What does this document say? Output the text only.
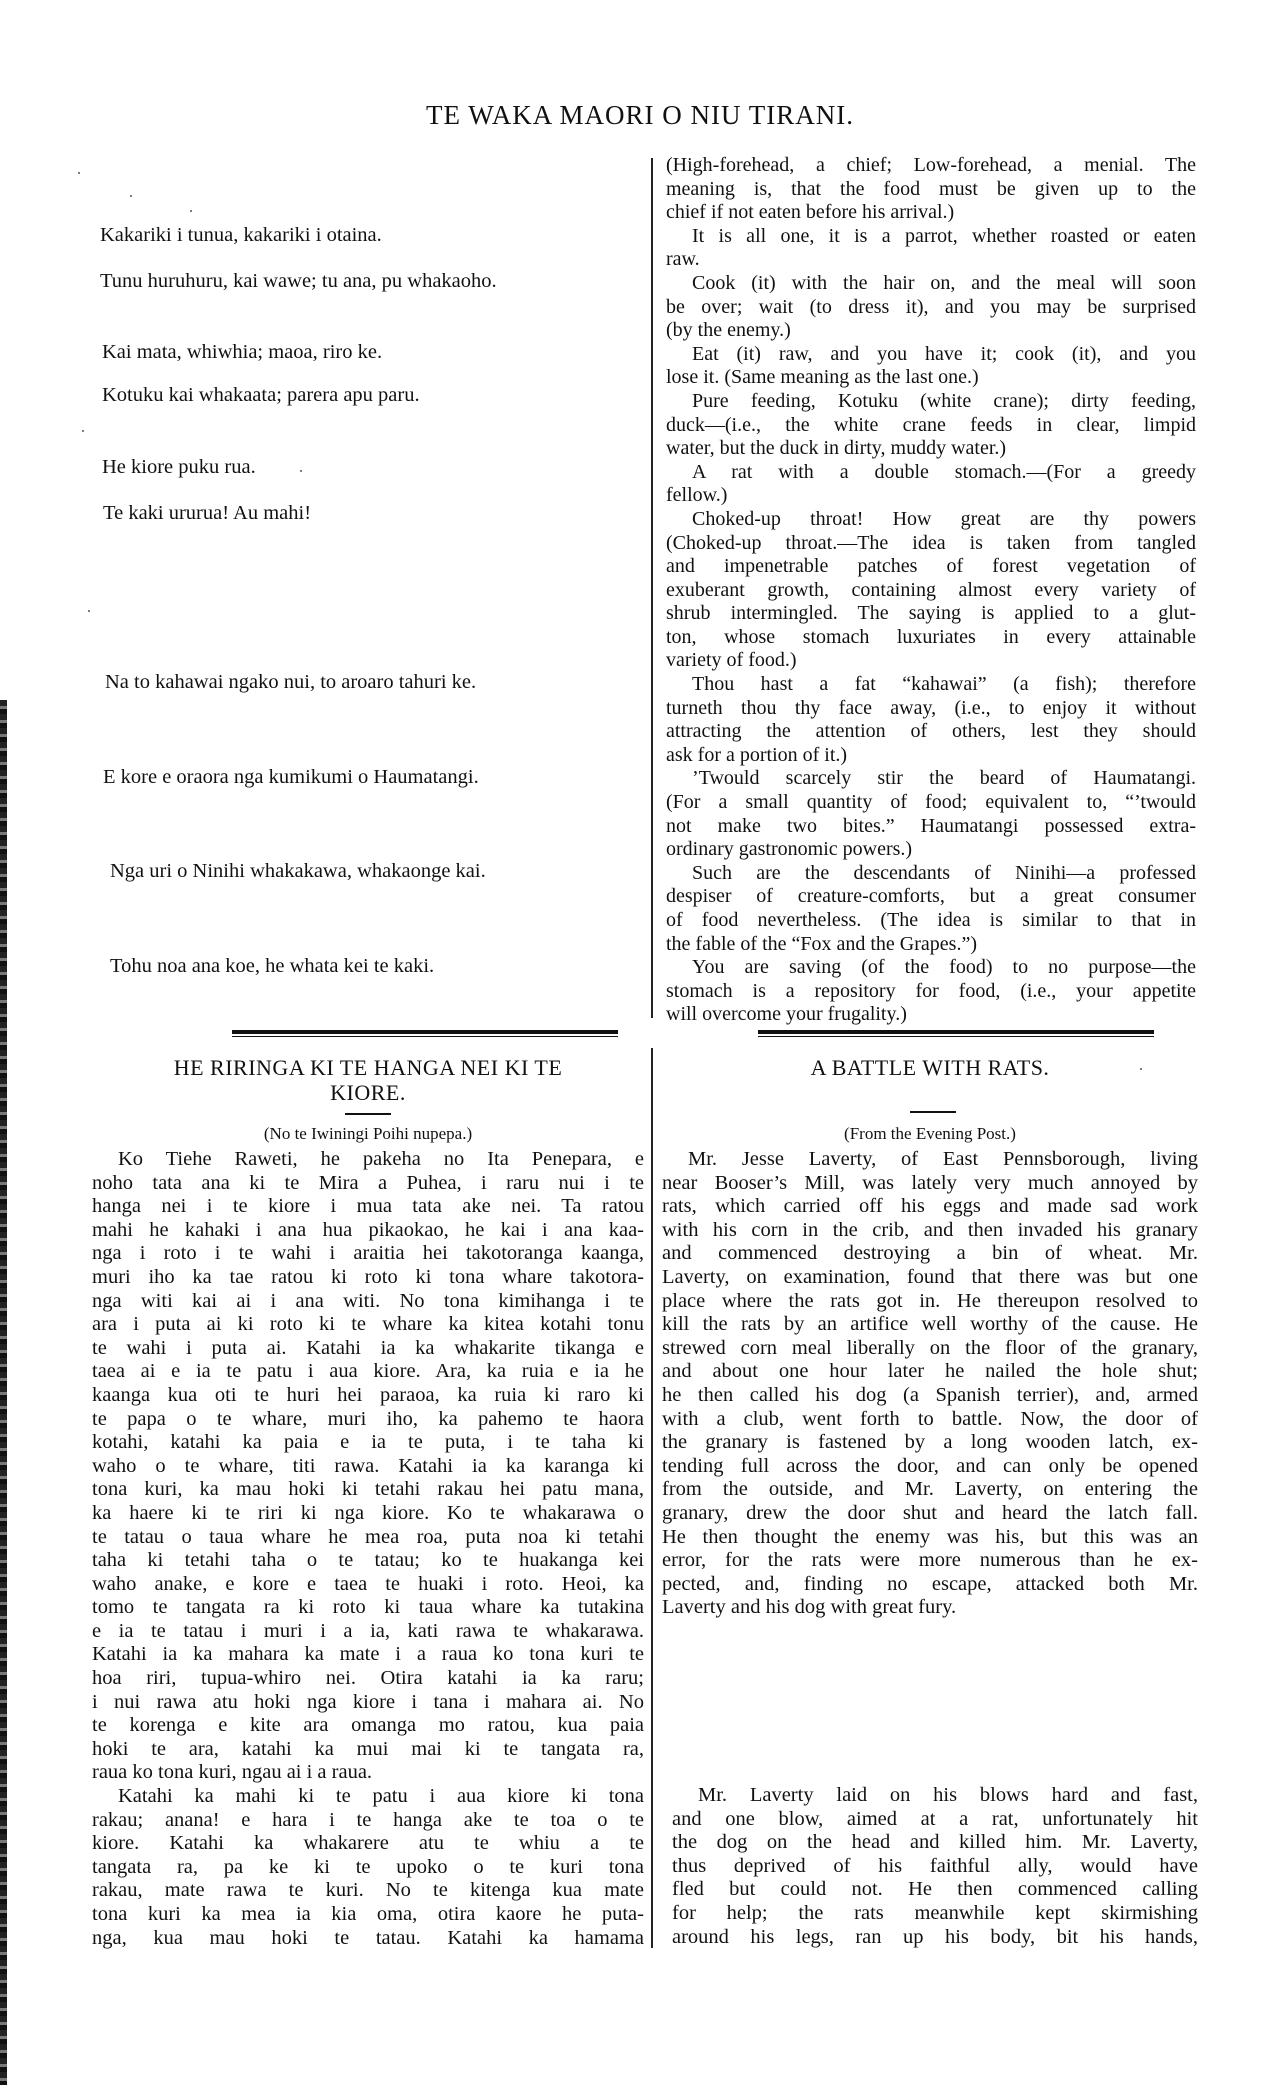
TE WAKA MAORI O NIU TIRANI.
Kakariki i tunua, kakariki i otaina.
Tunu huruhuru, kai wawe; tu ana, pu whakaoho.
Kai mata, whiwhia; maoa, riro ke.
Kotuku kai whakaata; parera apu paru.
He kiore puku rua.
Te kaki ururua! Au mahi!
Na to kahawai ngako nui, to aroaro tahuri ke.
E kore e oraora nga kumikumi o Haumatangi.
Nga uri o Ninihi whakakawa, whakaonge kai.
Tohu noa ana koe, he whata kei te kaki.
(High-forehead, a chief; Low-forehead, a menial. The
meaning is, that the food must be given up to the
chief if not eaten before his arrival.)
It is all one, it is a parrot, whether roasted or eaten
raw.
Cook (it) with the hair on, and the meal will soon
be over; wait (to dress it), and you may be surprised
(by the enemy.)
Eat (it) raw, and you have it; cook (it), and you
lose it. (Same meaning as the last one.)
Pure feeding, Kotuku (white crane); dirty feeding,
duck—(i.e., the white crane feeds in clear, limpid
water, but the duck in dirty, muddy water.)
A rat with a double stomach.—(For a greedy
fellow.)
Choked-up throat! How great are thy powers
(Choked-up throat.—The idea is taken from tangled
and impenetrable patches of forest vegetation of
exuberant growth, containing almost every variety of
shrub intermingled. The saying is applied to a glut-
ton, whose stomach luxuriates in every attainable
variety of food.)
Thou hast a fat “kahawai” (a fish); therefore
turneth thou thy face away, (i.e., to enjoy it without
attracting the attention of others, lest they should
ask for a portion of it.)
’Twould scarcely stir the beard of Haumatangi.
(For a small quantity of food; equivalent to, “’twould
not make two bites.” Haumatangi possessed extra-
ordinary gastronomic powers.)
Such are the descendants of Ninihi—a professed
despiser of creature-comforts, but a great consumer
of food nevertheless. (The idea is similar to that in
the fable of the “Fox and the Grapes.”)
You are saving (of the food) to no purpose—the
stomach is a repository for food, (i.e., your appetite
will overcome your frugality.)
HE RIRINGA KI TE HANGA NEI KI TE
KIORE.
(No te Iwiningi Poihi nupepa.)
Ko Tiehe Raweti, he pakeha no Ita Penepara, e
noho tata ana ki te Mira a Puhea, i raru nui i te
hanga nei i te kiore i mua tata ake nei. Ta ratou
mahi he kahaki i ana hua pikaokao, he kai i ana kaa-
nga i roto i te wahi i araitia hei takotoranga kaanga,
muri iho ka tae ratou ki roto ki tona whare takotora-
nga witi kai ai i ana witi. No tona kimihanga i te
ara i puta ai ki roto ki te whare ka kitea kotahi tonu
te wahi i puta ai. Katahi ia ka whakarite tikanga e
taea ai e ia te patu i aua kiore. Ara, ka ruia e ia he
kaanga kua oti te huri hei paraoa, ka ruia ki raro ki
te papa o te whare, muri iho, ka pahemo te haora
kotahi, katahi ka paia e ia te puta, i te taha ki
waho o te whare, titi rawa. Katahi ia ka karanga ki
tona kuri, ka mau hoki ki tetahi rakau hei patu mana,
ka haere ki te riri ki nga kiore. Ko te whakarawa o
te tatau o taua whare he mea roa, puta noa ki tetahi
taha ki tetahi taha o te tatau; ko te huakanga kei
waho anake, e kore e taea te huaki i roto. Heoi, ka
tomo te tangata ra ki roto ki taua whare ka tutakina
e ia te tatau i muri i a ia, kati rawa te whakarawa.
Katahi ia ka mahara ka mate i a raua ko tona kuri te
hoa riri, tupua-whiro nei. Otira katahi ia ka raru;
i nui rawa atu hoki nga kiore i tana i mahara ai. No
te korenga e kite ara omanga mo ratou, kua paia
hoki te ara, katahi ka mui mai ki te tangata ra,
raua ko tona kuri, ngau ai i a raua.
Katahi ka mahi ki te patu i aua kiore ki tona
rakau; anana! e hara i te hanga ake te toa o te
kiore. Katahi ka whakarere atu te whiu a te
tangata ra, pa ke ki te upoko o te kuri tona
rakau, mate rawa te kuri. No te kitenga kua mate
tona kuri ka mea ia kia oma, otira kaore he puta-
nga, kua mau hoki te tatau. Katahi ka hamama
A BATTLE WITH RATS.
(From the Evening Post.)
Mr. Jesse Laverty, of East Pennsborough, living
near Booser’s Mill, was lately very much annoyed by
rats, which carried off his eggs and made sad work
with his corn in the crib, and then invaded his granary
and commenced destroying a bin of wheat. Mr.
Laverty, on examination, found that there was but one
place where the rats got in. He thereupon resolved to
kill the rats by an artifice well worthy of the cause. He
strewed corn meal liberally on the floor of the granary,
and about one hour later he nailed the hole shut;
he then called his dog (a Spanish terrier), and, armed
with a club, went forth to battle. Now, the door of
the granary is fastened by a long wooden latch, ex-
tending full across the door, and can only be opened
from the outside, and Mr. Laverty, on entering the
granary, drew the door shut and heard the latch fall.
He then thought the enemy was his, but this was an
error, for the rats were more numerous than he ex-
pected, and, finding no escape, attacked both Mr.
Laverty and his dog with great fury.
Mr. Laverty laid on his blows hard and fast,
and one blow, aimed at a rat, unfortunately hit
the dog on the head and killed him. Mr. Laverty,
thus deprived of his faithful ally, would have
fled but could not. He then commenced calling
for help; the rats meanwhile kept skirmishing
around his legs, ran up his body, bit his hands,
